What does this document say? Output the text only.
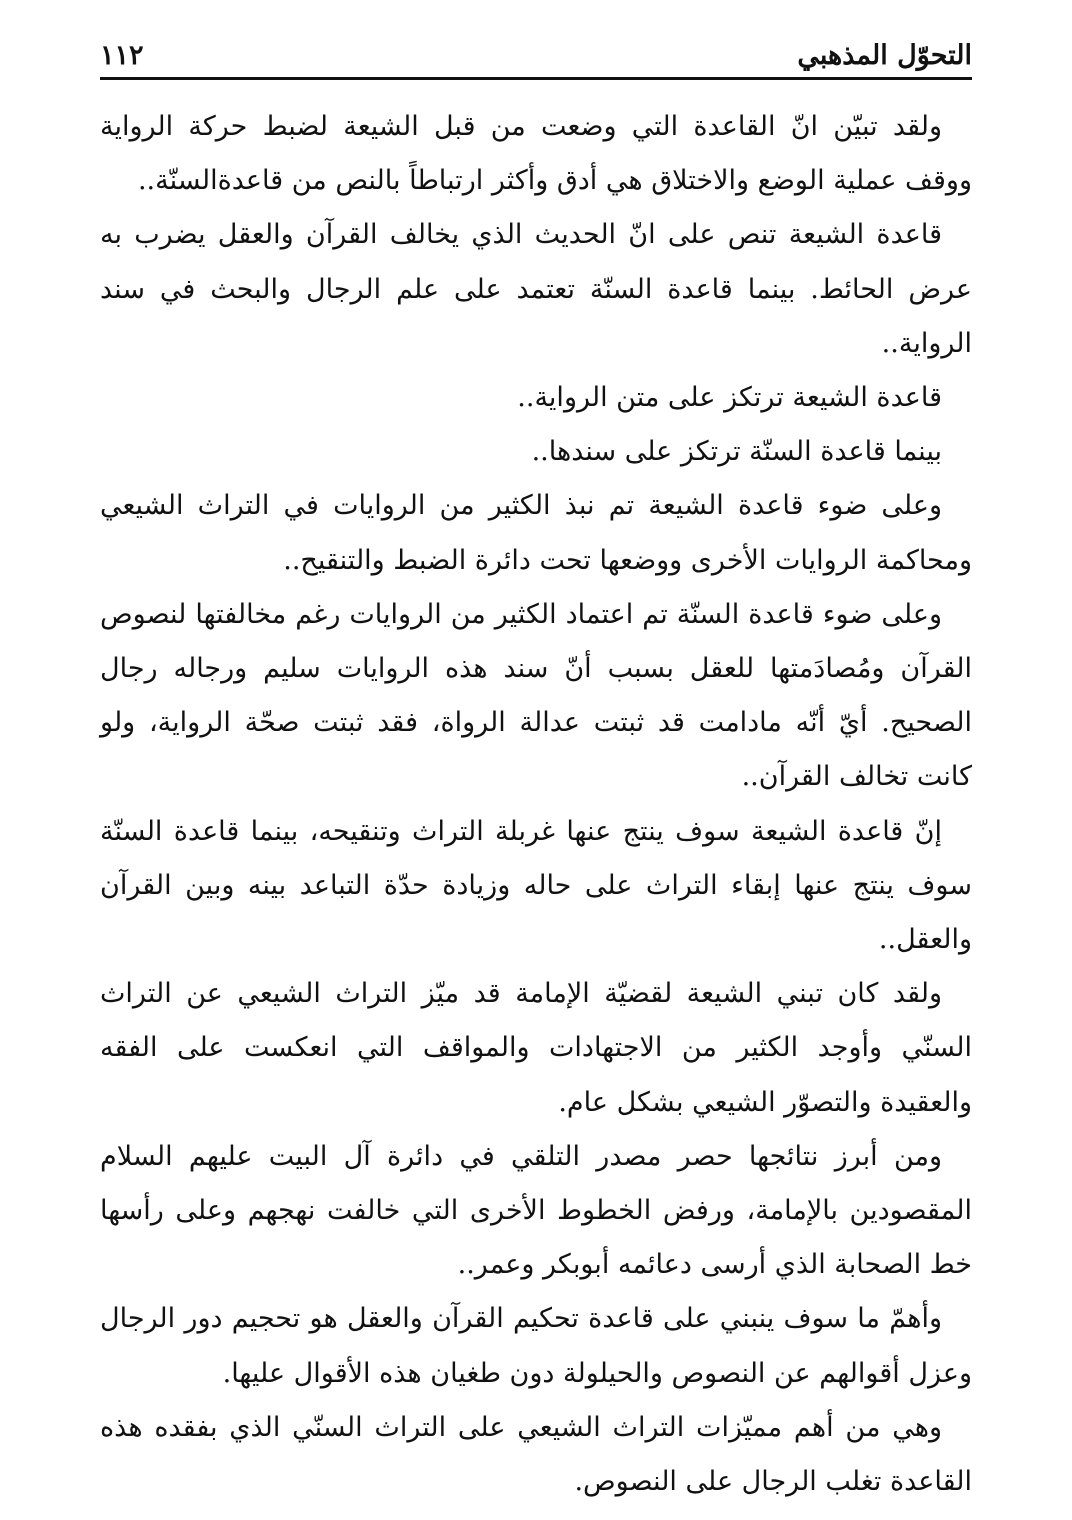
التحوّل المذهبي
١١٢

ولقد تبيّن انّ القاعدة التي وضعت من قبل الشيعة لضبط حركة الرواية ووقف عملية الوضع والاختلاق هي أدق وأكثر ارتباطاً بالنص من قاعدةالسنّة..

قاعدة الشيعة تنص على انّ الحديث الذي يخالف القرآن والعقل يضرب به عرض الحائط. بينما قاعدة السنّة تعتمد على علم الرجال والبحث في سند الرواية..

قاعدة الشيعة ترتكز على متن الرواية..

بينما قاعدة السنّة ترتكز على سندها..

وعلى ضوء قاعدة الشيعة تم نبذ الكثير من الروايات في التراث الشيعي ومحاكمة الروايات الأخرى ووضعها تحت دائرة الضبط والتنقيح..

وعلى ضوء قاعدة السنّة تم اعتماد الكثير من الروايات رغم مخالفتها لنصوص القرآن ومُصادَمتها للعقل بسبب أنّ سند هذه الروايات سليم ورجاله رجال الصحيح. أيّ أنّه مادامت قد ثبتت عدالة الرواة، فقد ثبتت صحّة الرواية، ولو كانت تخالف القرآن..

إنّ قاعدة الشيعة سوف ينتج عنها غربلة التراث وتنقيحه، بينما قاعدة السنّة سوف ينتج عنها إبقاء التراث على حاله وزيادة حدّة التباعد بينه وبين القرآن والعقل..

ولقد كان تبني الشيعة لقضيّة الإمامة قد ميّز التراث الشيعي عن التراث السنّي وأوجد الكثير من الاجتهادات والمواقف التي انعكست على الفقه والعقيدة والتصوّر الشيعي بشكل عام.

ومن أبرز نتائجها حصر مصدر التلقي في دائرة آل البيت عليهم السلام المقصودين بالإمامة، ورفض الخطوط الأخرى التي خالفت نهجهم وعلى رأسها خط الصحابة الذي أرسى دعائمه أبوبكر وعمر..

وأهمّ ما سوف ينبني على قاعدة تحكيم القرآن والعقل هو تحجيم دور الرجال وعزل أقوالهم عن النصوص والحيلولة دون طغيان هذه الأقوال عليها.

وهي من أهم مميّزات التراث الشيعي على التراث السنّي الذي بفقده هذه القاعدة تغلب الرجال على النصوص.
